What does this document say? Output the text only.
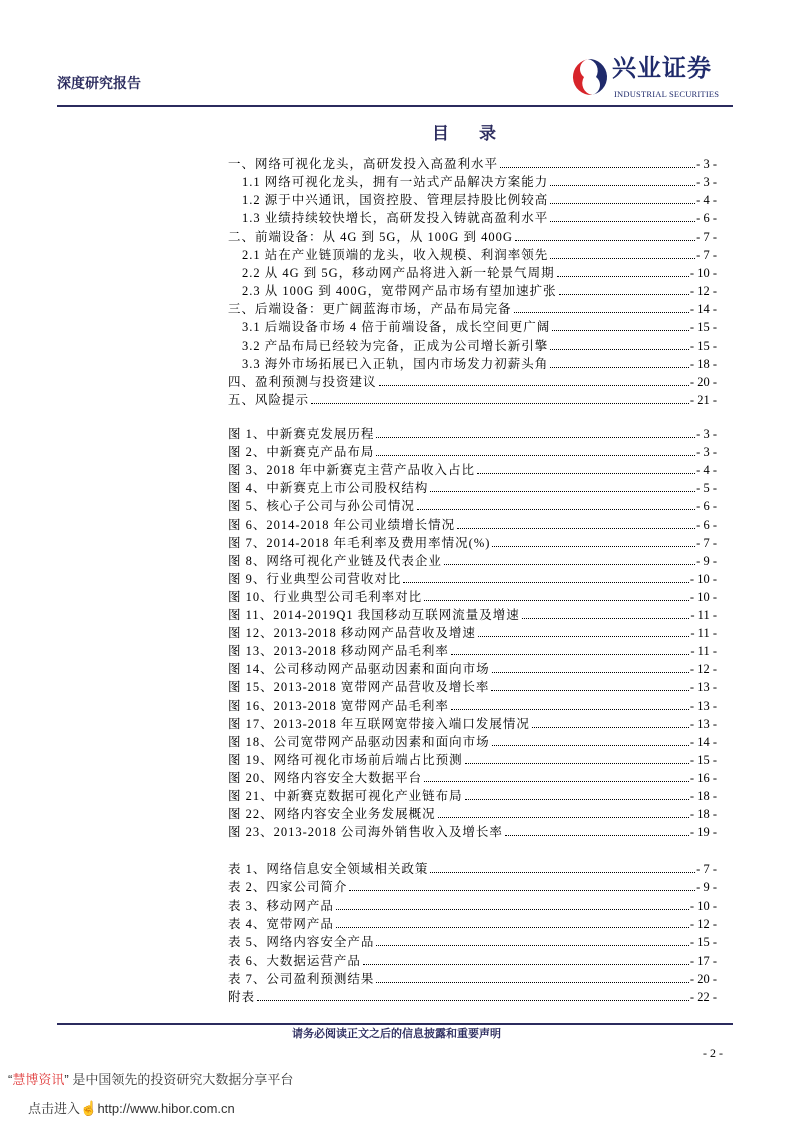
深度研究报告
兴业证券
INDUSTRIAL SECURITIES
目 录
一、网络可视化龙头，高研发投入高盈利水平	- 3 -
1.1 网络可视化龙头，拥有一站式产品解决方案能力	- 3 -
1.2 源于中兴通讯，国资控股、管理层持股比例较高	- 4 -
1.3 业绩持续较快增长，高研发投入铸就高盈利水平	- 6 -
二、前端设备：从 4G 到 5G，从 100G 到 400G	- 7 -
2.1 站在产业链顶端的龙头，收入规模、利润率领先	- 7 -
2.2 从 4G 到 5G，移动网产品将进入新一轮景气周期	- 10 -
2.3 从 100G 到 400G，宽带网产品市场有望加速扩张	- 12 -
三、后端设备：更广阔蓝海市场，产品布局完备	- 14 -
3.1 后端设备市场 4 倍于前端设备，成长空间更广阔	- 15 -
3.2 产品布局已经较为完备，正成为公司增长新引擎	- 15 -
3.3 海外市场拓展已入正轨，国内市场发力初薪头角	- 18 -
四、盈利预测与投资建议	- 20 -
五、风险提示	- 21 -
图 1、中新赛克发展历程	- 3 -
图 2、中新赛克产品布局	- 3 -
图 3、2018 年中新赛克主营产品收入占比	- 4 -
图 4、中新赛克上市公司股权结构	- 5 -
图 5、核心子公司与孙公司情况	- 6 -
图 6、2014-2018 年公司业绩增长情况	- 6 -
图 7、2014-2018 年毛利率及费用率情况(%)	- 7 -
图 8、网络可视化产业链及代表企业	- 9 -
图 9、行业典型公司营收对比	- 10 -
图 10、行业典型公司毛利率对比	- 10 -
图 11、2014-2019Q1 我国移动互联网流量及增速	- 11 -
图 12、2013-2018 移动网产品营收及增速	- 11 -
图 13、2013-2018 移动网产品毛利率	- 11 -
图 14、公司移动网产品驱动因素和面向市场	- 12 -
图 15、2013-2018 宽带网产品营收及增长率	- 13 -
图 16、2013-2018 宽带网产品毛利率	- 13 -
图 17、2013-2018 年互联网宽带接入端口发展情况	- 13 -
图 18、公司宽带网产品驱动因素和面向市场	- 14 -
图 19、网络可视化市场前后端占比预测	- 15 -
图 20、网络内容安全大数据平台	- 16 -
图 21、中新赛克数据可视化产业链布局	- 18 -
图 22、网络内容安全业务发展概况	- 18 -
图 23、2013-2018 公司海外销售收入及增长率	- 19 -
表 1、网络信息安全领域相关政策	- 7 -
表 2、四家公司简介	- 9 -
表 3、移动网产品	- 10 -
表 4、宽带网产品	- 12 -
表 5、网络内容安全产品	- 15 -
表 6、大数据运营产品	- 17 -
表 7、公司盈利预测结果	- 20 -
附表	- 22 -
请务必阅读正文之后的信息披露和重要声明
- 2 -
“慧博资讯” 是中国领先的投资研究大数据分享平台
点击进入☝http://www.hibor.com.cn
